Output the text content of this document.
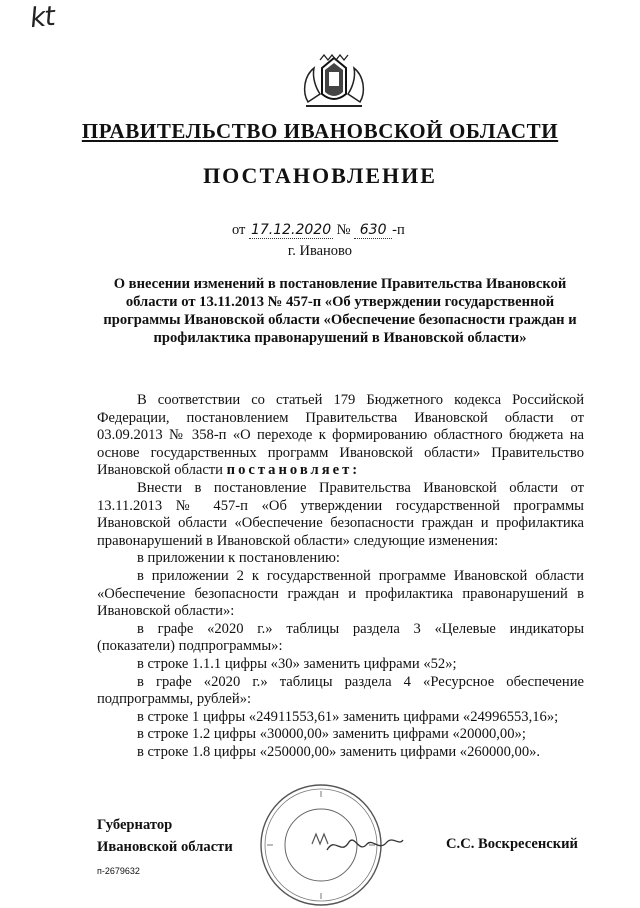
kt
ПРАВИТЕЛЬСТВО ИВАНОВСКОЙ ОБЛАСТИ
ПОСТАНОВЛЕНИЕ
от 17.12.2020 № 630 -п
г. Иваново
О внесении изменений в постановление Правительства Ивановской области от 13.11.2013 № 457-п «Об утверждении государственной программы Ивановской области «Обеспечение безопасности граждан и профилактика правонарушений в Ивановской области»

В соответствии со статьей 179 Бюджетного кодекса Российской Федерации, постановлением Правительства Ивановской области от 03.09.2013 № 358-п «О переходе к формированию областного бюджета на основе государственных программ Ивановской области» Правительство Ивановской области постановляет:

Внести в постановление Правительства Ивановской области от 13.11.2013 № 457-п «Об утверждении государственной программы Ивановской области «Обеспечение безопасности граждан и профилактика правонарушений в Ивановской области» следующие изменения:

в приложении к постановлению:

в приложении 2 к государственной программе Ивановской области «Обеспечение безопасности граждан и профилактика правонарушений в Ивановской области»:

в графе «2020 г.» таблицы раздела 3 «Целевые индикаторы (показатели) подпрограммы»:

в строке 1.1.1 цифры «30» заменить цифрами «52»;

в графе «2020 г.» таблицы раздела 4 «Ресурсное обеспечение подпрограммы, рублей»:

в строке 1 цифры «24911553,61» заменить цифрами «24996553,16»;

в строке 1.2 цифры «30000,00» заменить цифрами «20000,00»;

в строке 1.8 цифры «250000,00» заменить цифрами «260000,00».

Губернатор
Ивановской области	С.С. Воскресенский
п-2679632
